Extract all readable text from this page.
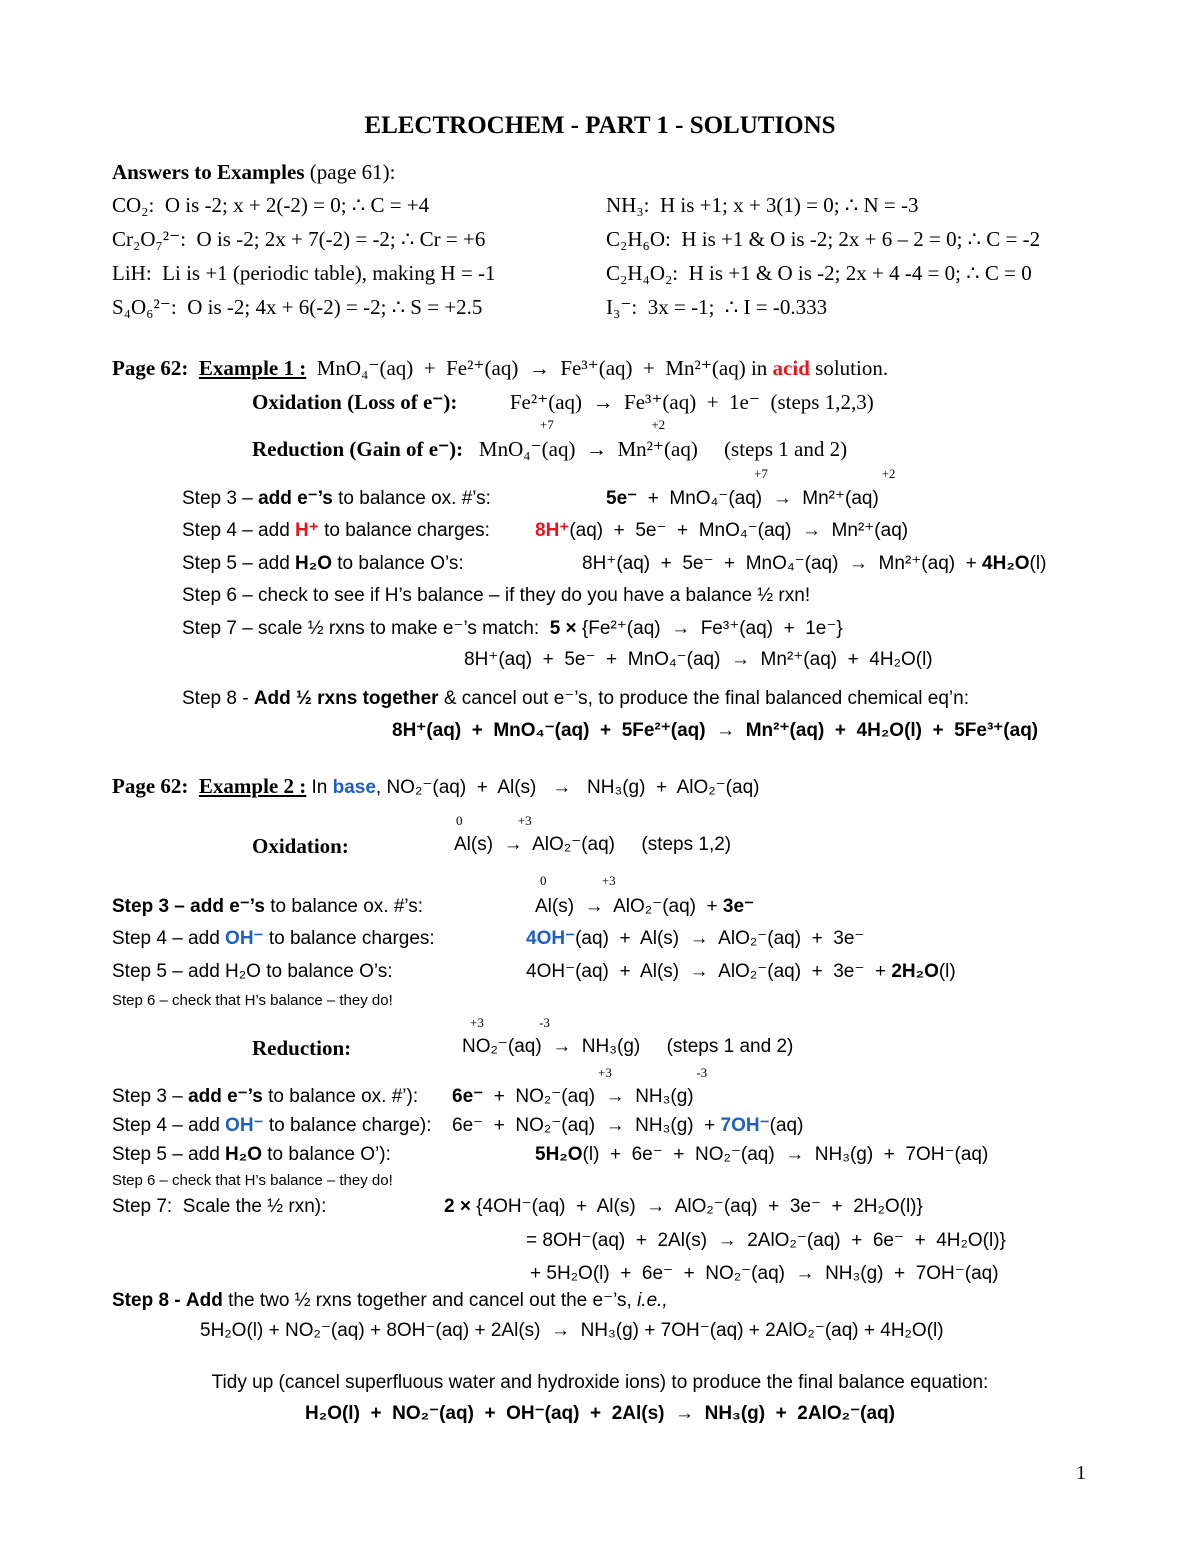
ELECTROCHEM - PART 1 - SOLUTIONS
Answers to Examples (page 61):
CO₂:  O is -2; x + 2(-2) = 0; ∴ C = +4	NH₃:  H is +1; x + 3(1) = 0; ∴ N = -3
Cr₂O₇²⁻:  O is -2; 2x + 7(-2) = -2; ∴ Cr = +6	C₂H₆O:  H is +1 & O is -2; 2x + 6 – 2 = 0; ∴ C = -2
LiH:  Li is +1 (periodic table), making H = -1	C₂H₄O₂:  H is +1 & O is -2; 2x + 4 -4 = 0; ∴ C = 0
S₄O₆²⁻:  O is -2; 4x + 6(-2) = -2; ∴ S = +2.5	I₃⁻:  3x = -1;  ∴ I = -0.333
Page 62: Example 1 : MnO₄⁻(aq)  +  Fe²⁺(aq)  →  Fe³⁺(aq)  +  Mn²⁺(aq) in acid solution.
Oxidation (Loss of e⁻):	Fe²⁺(aq)  →  Fe³⁺(aq)  +  1e⁻  (steps 1,2,3)
+7                              +2
Reduction (Gain of e⁻): MnO₄⁻(aq)  →  Mn²⁺(aq)     (steps 1 and 2)
+7                                   +2
Step 3 – add e⁻’s to balance ox. #’s:	5e⁻ +  MnO₄⁻(aq)  →  Mn²⁺(aq)
Step 4 – add H⁺ to balance charges: 8H⁺(aq)  +  5e⁻  +  MnO₄⁻(aq)  →  Mn²⁺(aq)
Step 5 – add H₂O to balance O’s:	8H⁺(aq)  +  5e⁻  +  MnO₄⁻(aq)  →  Mn²⁺(aq)  + 4H₂O(l)
Step 6 – check to see if H’s balance – if they do you have a balance ½ rxn!
Step 7 – scale ½ rxns to make e⁻’s match: 5 × {Fe²⁺(aq)  →  Fe³⁺(aq)  +  1e⁻}
8H⁺(aq)  +  5e⁻  +  MnO₄⁻(aq)  →  Mn²⁺(aq)  +  4H₂O(l)
Step 8 - Add ½ rxns together & cancel out e⁻’s, to produce the final balanced chemical eq’n:
8H⁺(aq)  +  MnO₄⁻(aq)  +  5Fe²⁺(aq)  →  Mn²⁺(aq)  +  4H₂O(l)  +  5Fe³⁺(aq)
Page 62: Example 2 : In base, NO₂⁻(aq)  +  Al(s)   →   NH₃(g)  +  AlO₂⁻(aq)
0                 +3
Oxidation:	Al(s)  →  AlO₂⁻(aq)     (steps 1,2)
0                 +3
Step 3 – add e⁻’s to balance ox. #’s:	Al(s)  →  AlO₂⁻(aq)  + 3e⁻
Step 4 – add OH⁻ to balance charges:	4OH⁻(aq)  +  Al(s)  →  AlO₂⁻(aq)  +  3e⁻
Step 5 – add H₂O to balance O’s:	4OH⁻(aq)  +  Al(s)  →  AlO₂⁻(aq)  +  3e⁻  + 2H₂O(l)
Step 6 – check that H’s balance – they do!
+3                 -3
Reduction:	NO₂⁻(aq)  →  NH₃(g)     (steps 1 and 2)
+3                          -3
Step 3 – add e⁻’s to balance ox. #’): 6e⁻ +  NO₂⁻(aq)  →  NH₃(g)
Step 4 – add OH⁻ to balance charge): 6e⁻  +  NO₂⁻(aq)  →  NH₃(g)  + 7OH⁻(aq)
Step 5 – add H₂O to balance O’):	5H₂O(l)  +  6e⁻  +  NO₂⁻(aq)  →  NH₃(g)  +  7OH⁻(aq)
Step 6 – check that H’s balance – they do!
Step 7:  Scale the ½ rxn):	2 × {4OH⁻(aq)  +  Al(s)  →  AlO₂⁻(aq)  +  3e⁻  +  2H₂O(l)}
= 8OH⁻(aq)  +  2Al(s)  →  2AlO₂⁻(aq)  +  6e⁻  +  4H₂O(l)}
+ 5H₂O(l)  +  6e⁻  +  NO₂⁻(aq)  →  NH₃(g)  +  7OH⁻(aq)
Step 8 - Add the two ½ rxns together and cancel out the e⁻’s, i.e.,
5H₂O(l) + NO₂⁻(aq) + 8OH⁻(aq) + 2Al(s)  →  NH₃(g) + 7OH⁻(aq) + 2AlO₂⁻(aq) + 4H₂O(l)
Tidy up (cancel superfluous water and hydroxide ions) to produce the final balance equation:
H₂O(l)  +  NO₂⁻(aq)  +  OH⁻(aq)  +  2Al(s)  →  NH₃(g)  +  2AlO₂⁻(aq)
1
